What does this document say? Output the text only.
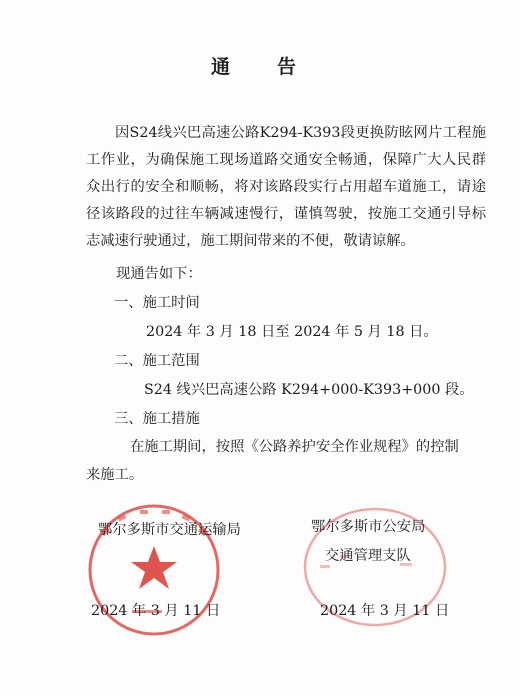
通　告
因S24线兴巴高速公路K294-K393段更换防眩网片工程施工作业，为确保施工现场道路交通安全畅通，保障广大人民群众出行的安全和顺畅，将对该路段实行占用超车道施工，请途径该路段的过往车辆减速慢行，谨慎驾驶，按施工交通引导标志减速行驶通过，施工期间带来的不便，敬请谅解。
现通告如下：
一、施工时间
2024 年 3 月 18 日至 2024 年 5 月 18 日。
二、施工范围
S24 线兴巴高速公路 K294+000-K393+000 段。
三、施工措施
在施工期间，按照《公路养护安全作业规程》的控制
来施工。
鄂尔多斯市交通运输局
2024 年 3 月 11 日
鄂尔多斯市公安局
交通管理支队
2024 年 3 月 11 日
